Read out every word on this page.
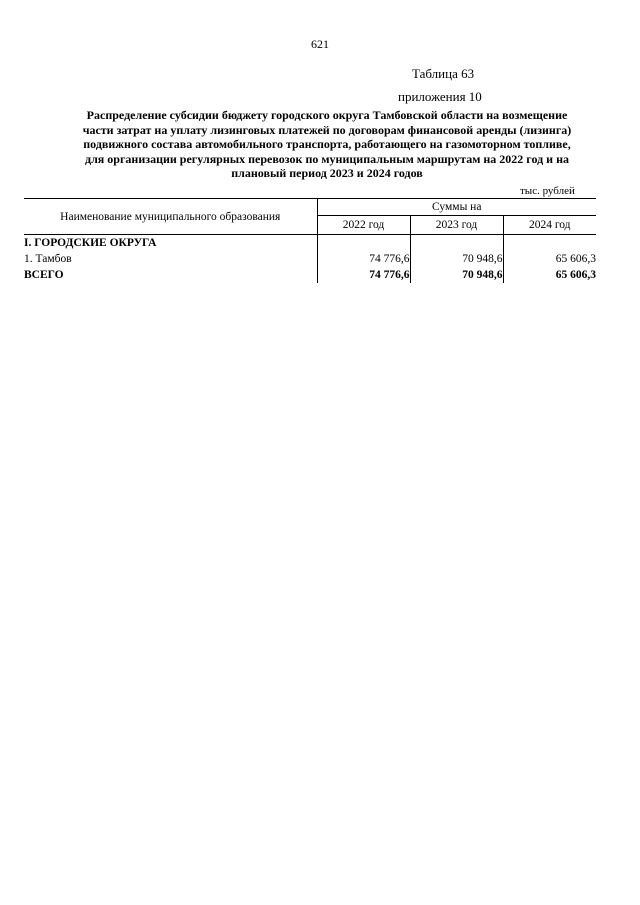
621
Таблица 63
приложения 10
Распределение субсидии бюджету городского округа Тамбовской области на возмещение
части затрат на уплату лизинговых платежей по договорам финансовой аренды (лизинга)
подвижного состава автомобильного транспорта, работающего на газомоторном топливе,
для организации регулярных перевозок по муниципальным маршрутам на 2022 год и на
плановый период 2023 и 2024 годов
тыс. рублей
Наименование муниципального образования	Суммы на		
	2022 год	2023 год	2024 год
I. ГОРОДСКИЕ ОКРУГА			
1. Тамбов	74 776,6	70 948,6	65 606,3
ВСЕГО	74 776,6	70 948,6	65 606,3
